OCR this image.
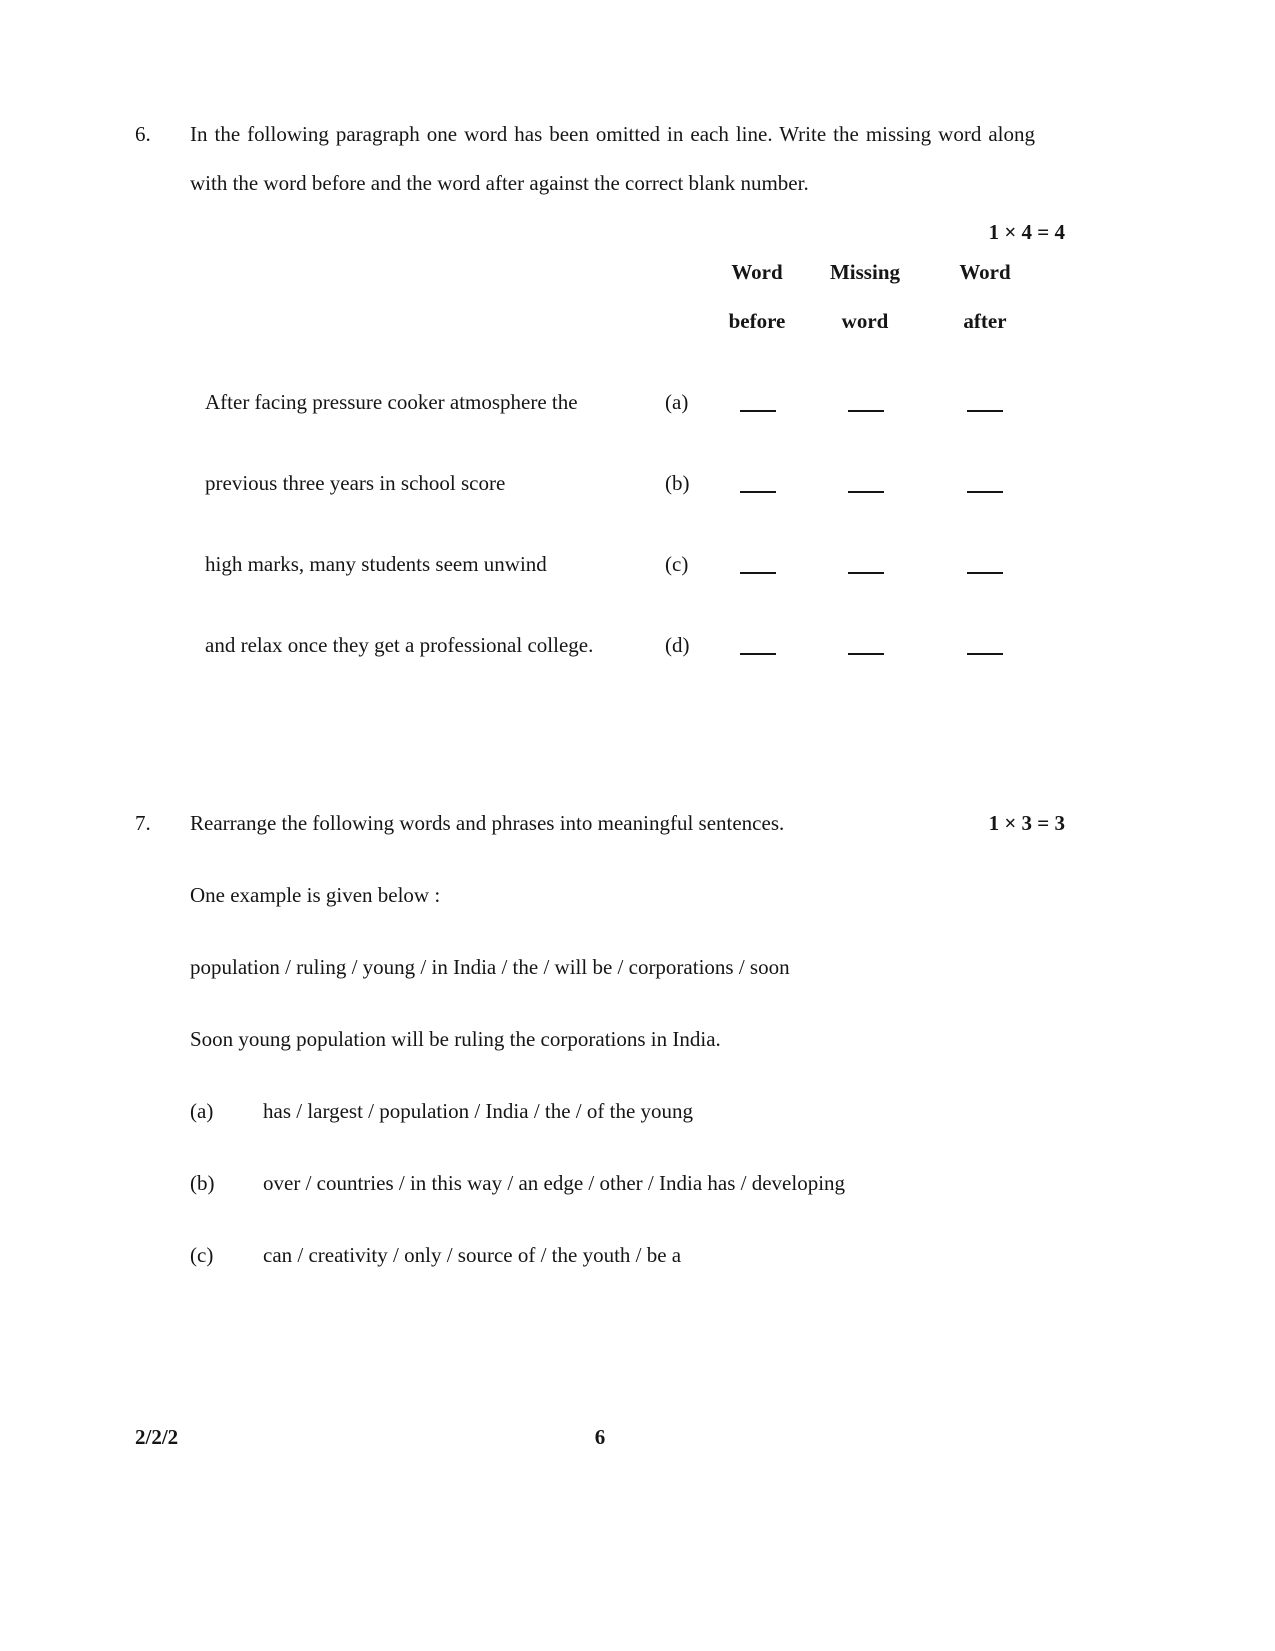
6.	In the following paragraph one word has been omitted in each line. Write the missing word along with the word before and the word after against the correct blank number.

1 × 4 = 4
Word
before
Missing
word
Word
after
After facing pressure cooker atmosphere the	(a)
previous three years in school score	(b)
high marks, many students seem unwind	(c)
and relax once they get a professional college.	(d)
7.	Rearrange the following words and phrases into meaningful sentences.	1 × 3 = 3

One example is given below :

population / ruling / young / in India / the / will be / corporations / soon

Soon young population will be ruling the corporations in India.

(a)	has / largest / population / India / the / of the young
(b)	over / countries / in this way / an edge / other / India has / developing
(c)	can / creativity / only / source of / the youth / be a
2/2/2	6
